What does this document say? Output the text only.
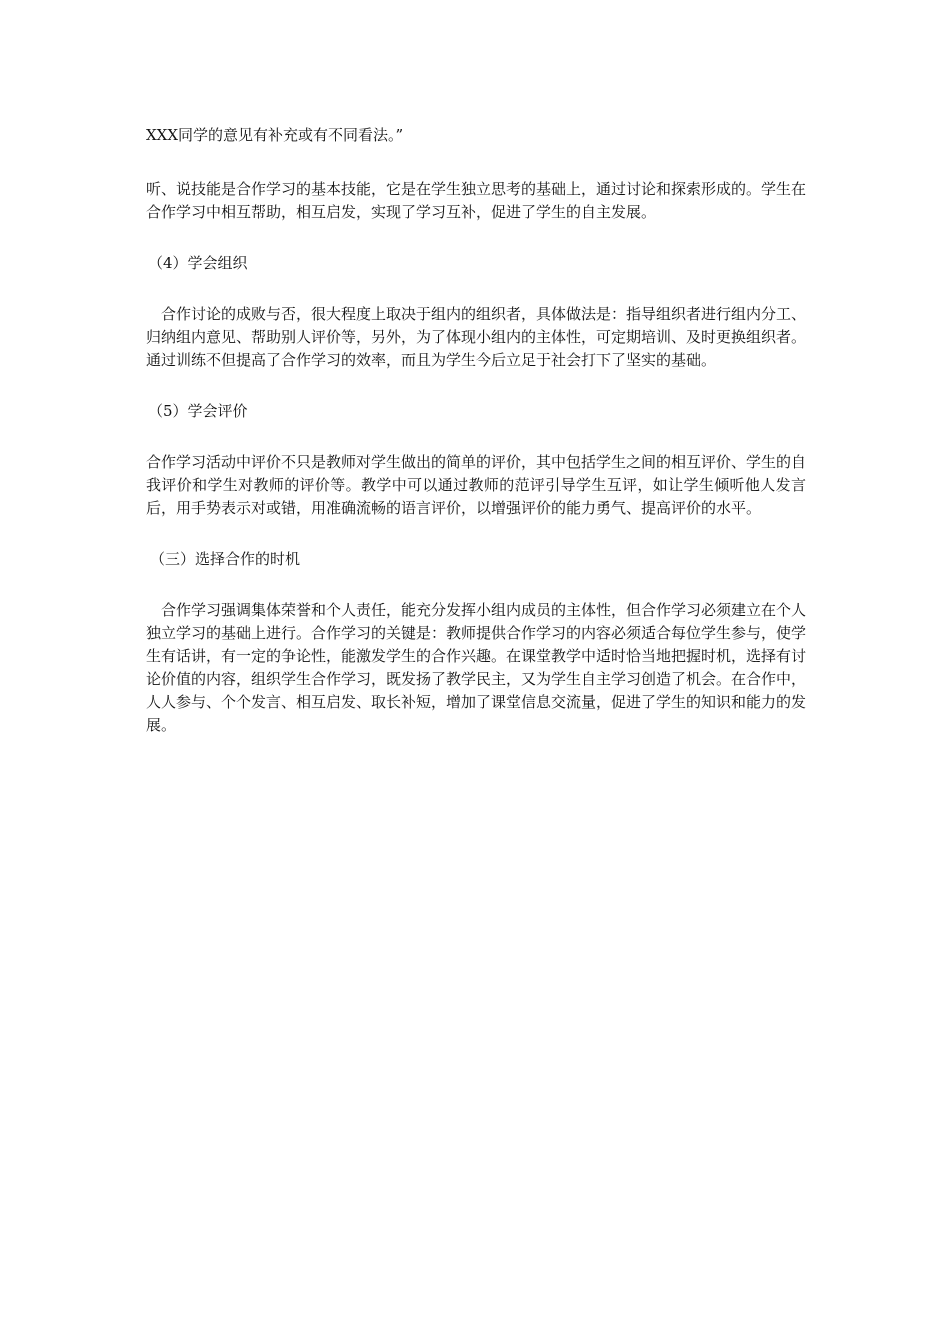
XXX同学的意见有补充或有不同看法。”

听、说技能是合作学习的基本技能，它是在学生独立思考的基础上，通过讨论和探索形成的。学生在合作学习中相互帮助，相互启发，实现了学习互补，促进了学生的自主发展。

（4）学会组织

合作讨论的成败与否，很大程度上取决于组内的组织者，具体做法是：指导组织者进行组内分工、归纳组内意见、帮助别人评价等，另外，为了体现小组内的主体性，可定期培训、及时更换组织者。通过训练不但提高了合作学习的效率，而且为学生今后立足于社会打下了坚实的基础。

（5）学会评价

合作学习活动中评价不只是教师对学生做出的简单的评价，其中包括学生之间的相互评价、学生的自我评价和学生对教师的评价等。教学中可以通过教师的范评引导学生互评，如让学生倾听他人发言后，用手势表示对或错，用准确流畅的语言评价，以增强评价的能力勇气、提高评价的水平。

（三）选择合作的时机

合作学习强调集体荣誉和个人责任，能充分发挥小组内成员的主体性，但合作学习必须建立在个人独立学习的基础上进行。合作学习的关键是：教师提供合作学习的内容必须适合每位学生参与，使学生有话讲，有一定的争论性，能激发学生的合作兴趣。在课堂教学中适时恰当地把握时机，选择有讨论价值的内容，组织学生合作学习，既发扬了教学民主，又为学生自主学习创造了机会。在合作中，人人参与、个个发言、相互启发、取长补短，增加了课堂信息交流量，促进了学生的知识和能力的发展。
